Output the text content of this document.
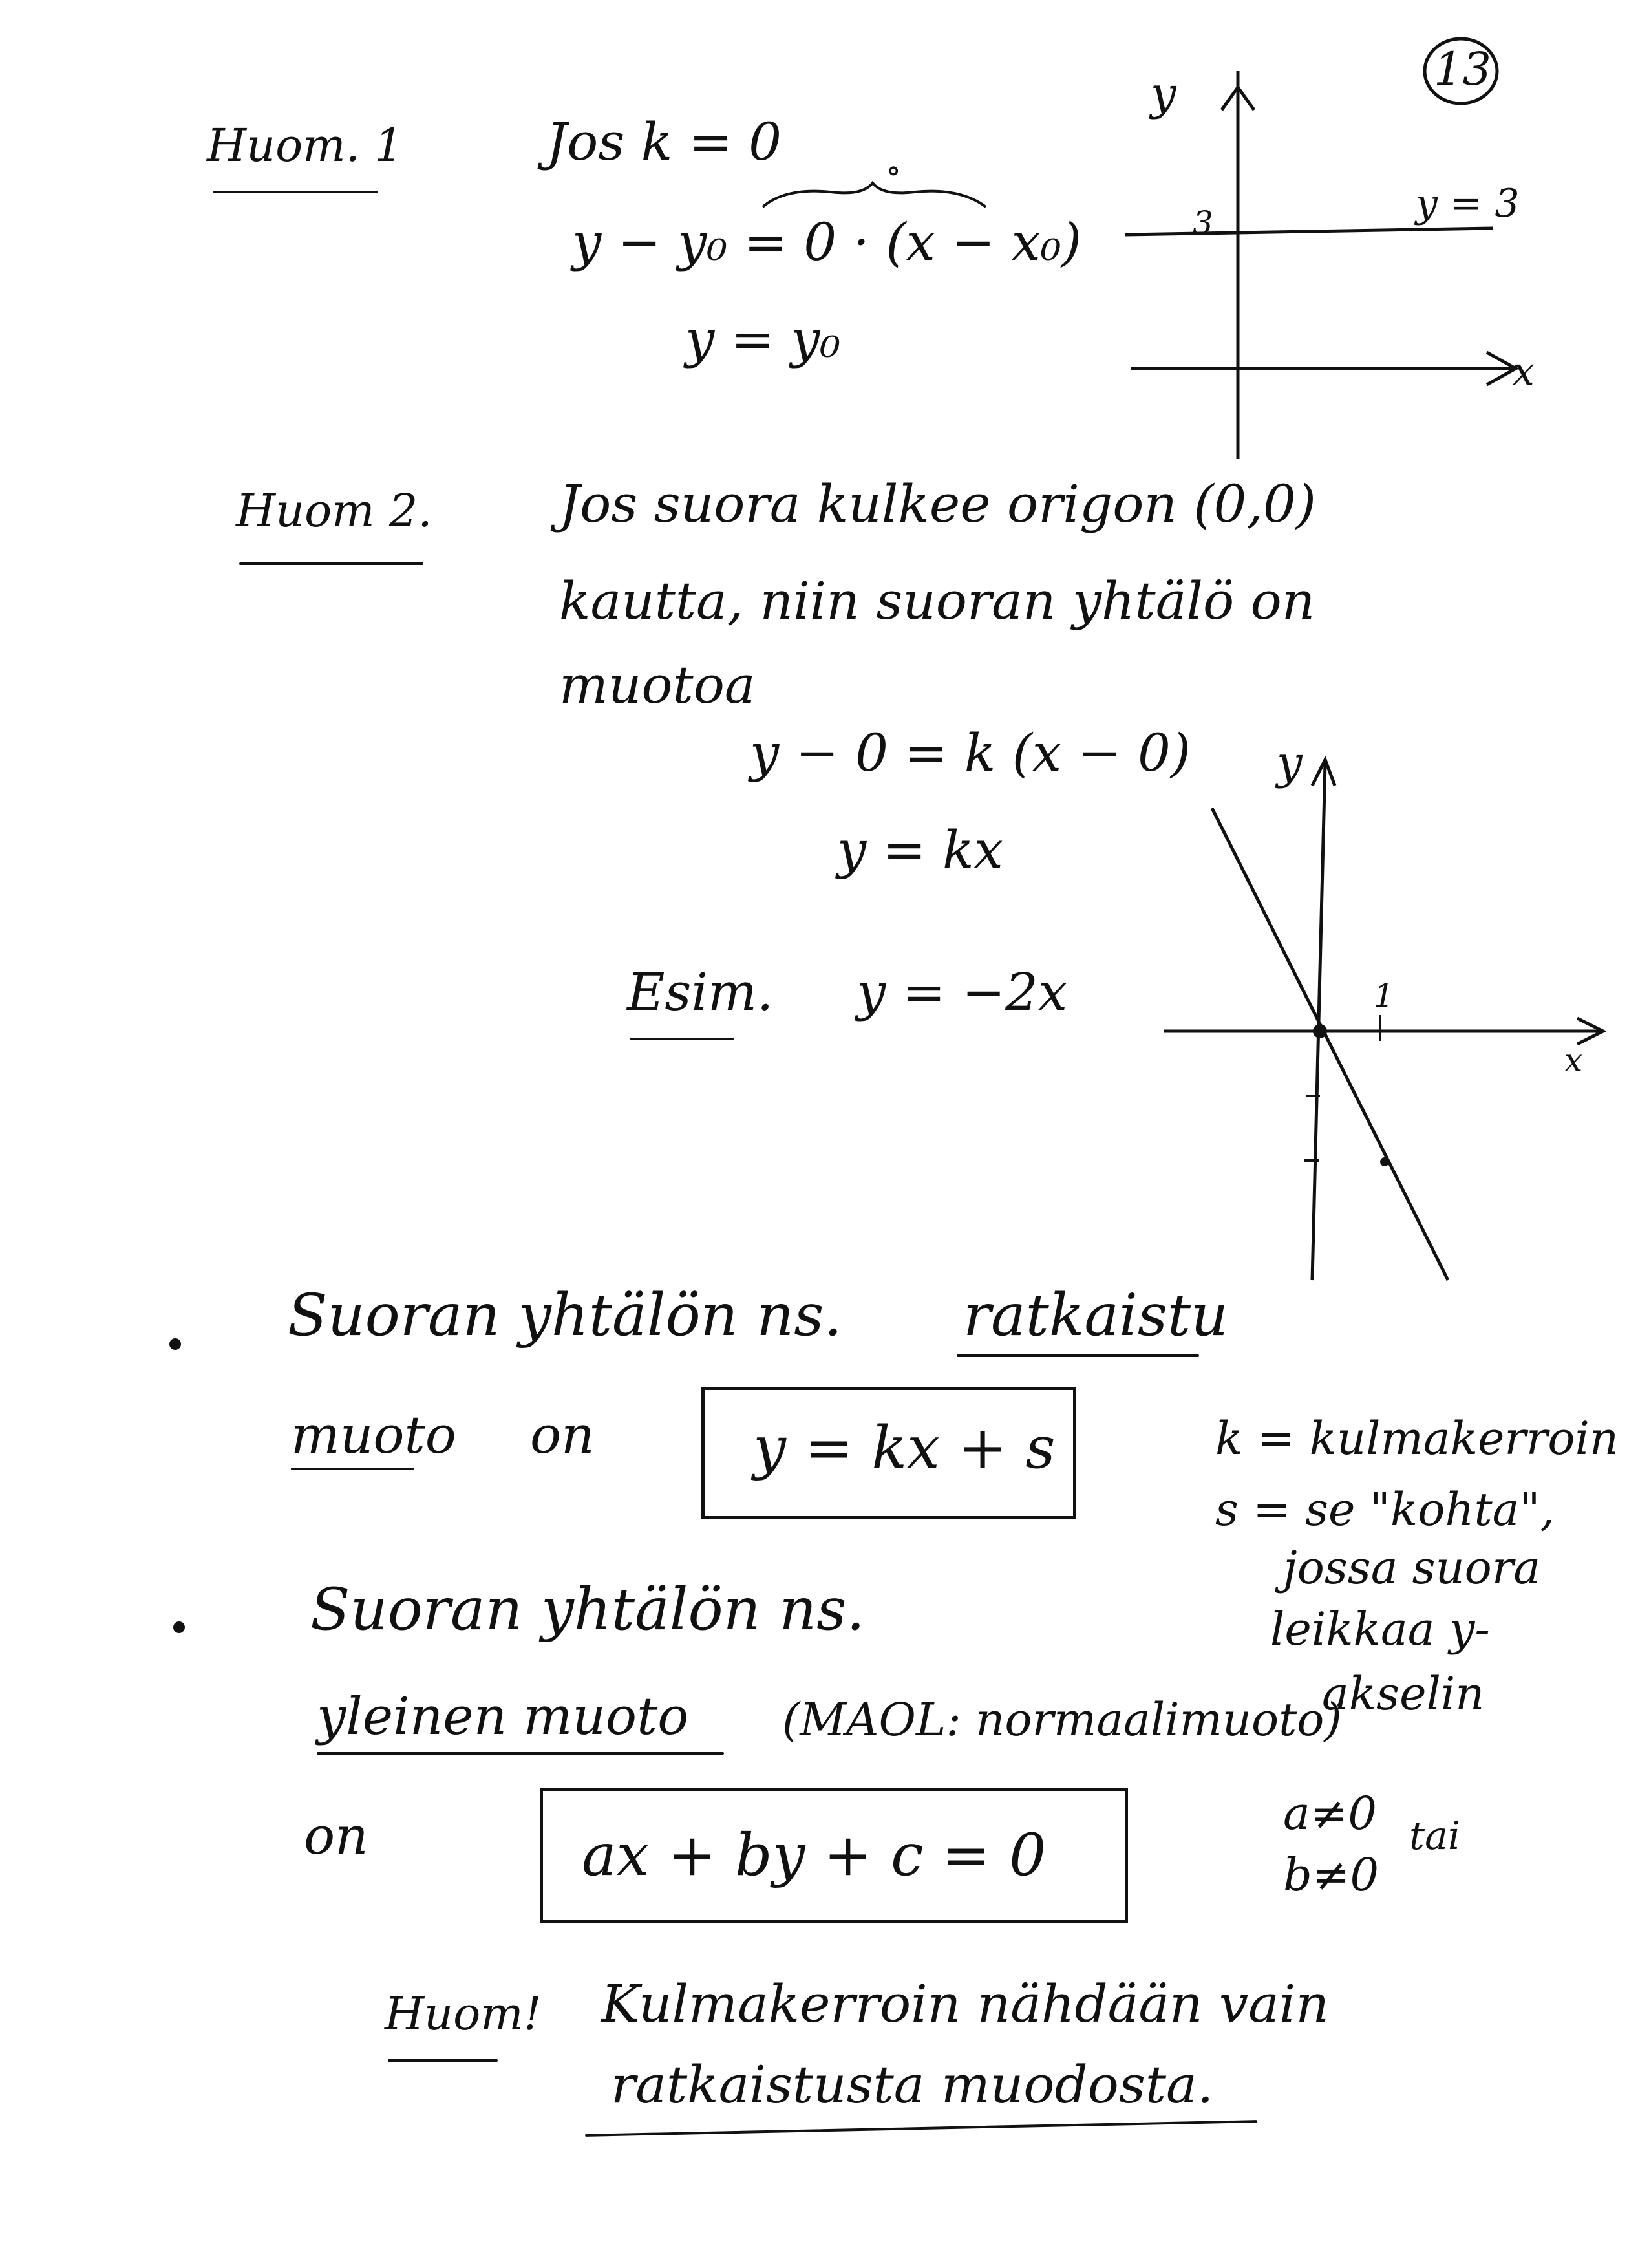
13
Huom. 1	Jos k = 0	∘
y − y₀ = 0 · (x − x₀)
y = y₀
y
x
3	y = 3
Huom 2. Jos suora kulkee origon (0,0)
kautta, niin suoran yhtälö on
muotoa
y − 0 = k (x − 0)
y = kx
Esim. y = −2x
y
x
1
Suoran yhtälön ns. ratkaistu
muoto on	y = kx + s	k = kulmakerroin
s = se "kohta",
jossa suora
leikkaa y-
akselin
Suoran yhtälön ns.
yleinen muoto (MAOL: normaalimuoto)
on	ax + by + c = 0
a≠0
b≠0
tai
Huom! Kulmakerroin nähdään vain
ratkaistusta muodosta.
